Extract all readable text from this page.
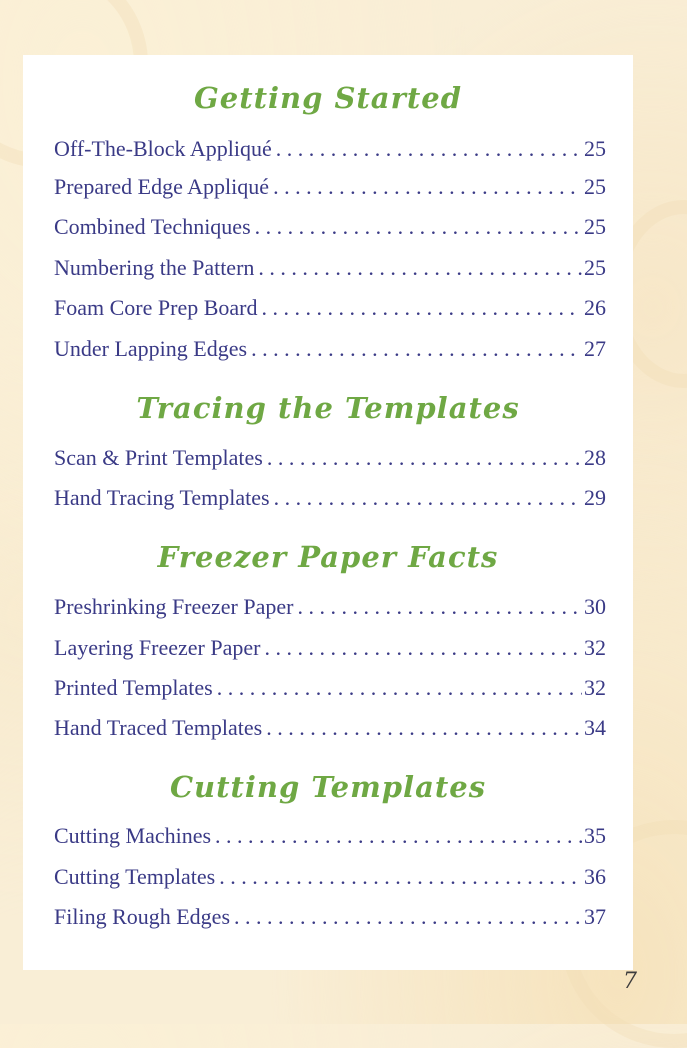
Getting Started
Off-The-Block Appliqué . . .	25
Prepared Edge Appliqué . . .	25
Combined Techniques . . .	25
Numbering the Pattern . . .	25
Foam Core Prep Board . . .	26
Under Lapping Edges . . .	27
Tracing the Templates
Scan & Print Templates . . .	28
Hand Tracing Templates . . .	29
Freezer Paper Facts
Preshrinking Freezer Paper . . .	30
Layering Freezer Paper . . .	32
Printed Templates . . .	32
Hand Traced Templates . . .	34
Cutting Templates
Cutting Machines . . .	35
Cutting Templates . . .	36
Filing Rough Edges . . .	37
7
